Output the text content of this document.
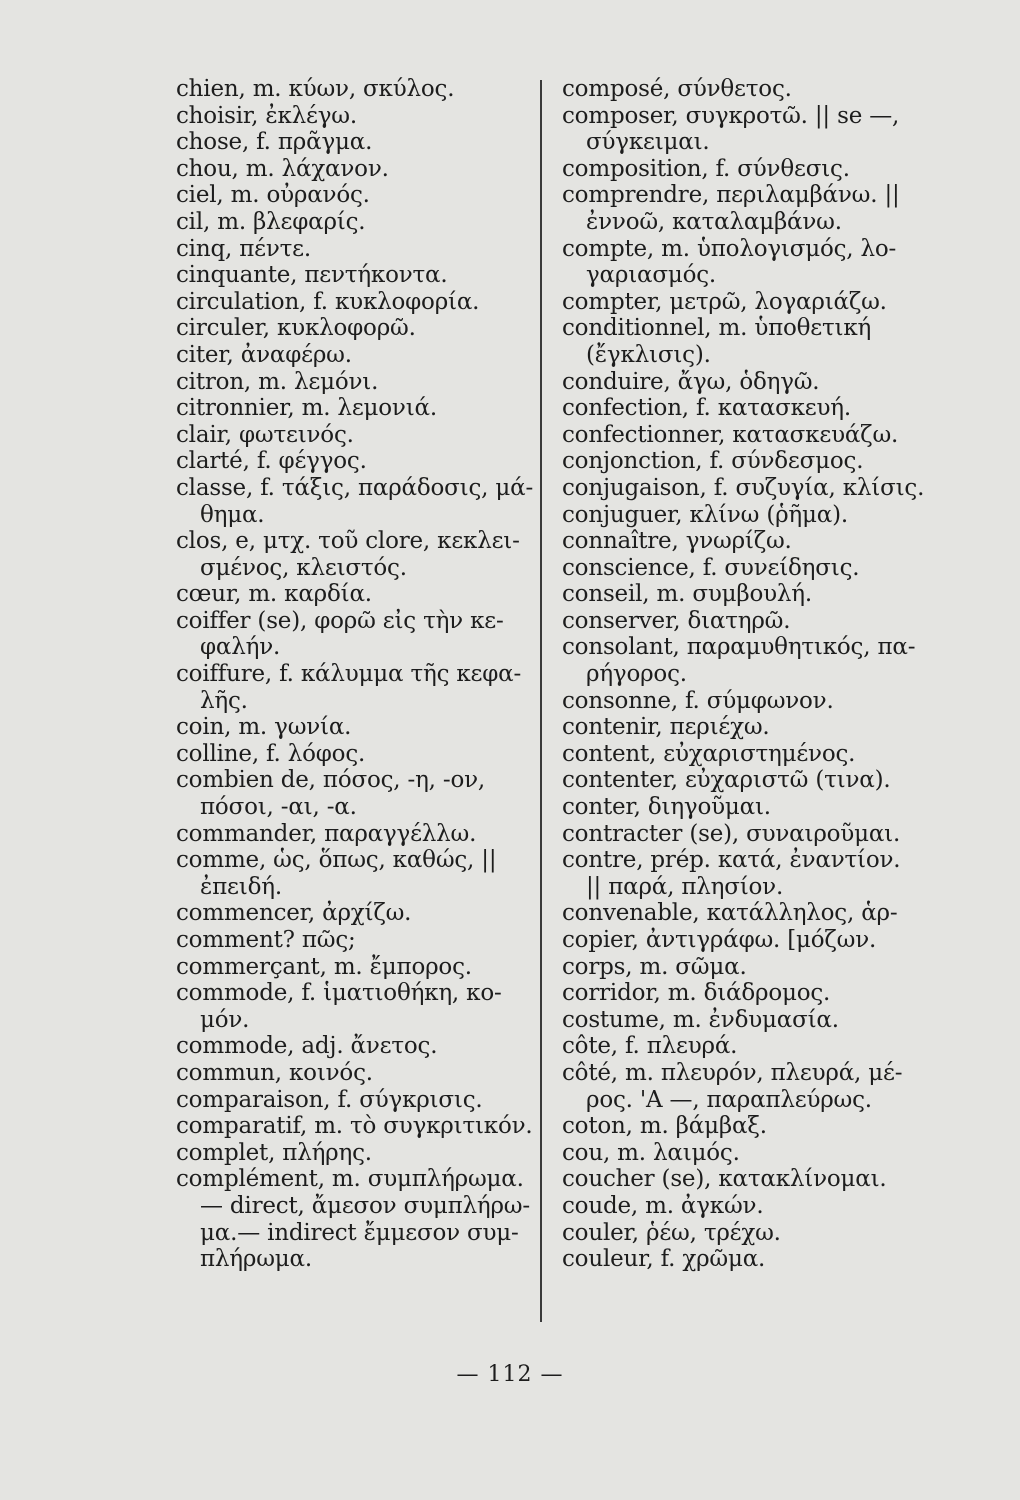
chien, m. κύων, σκύλος.
choisir, ἐκλέγω.
chose, f. πρᾶγμα.
chou, m. λάχανον.
ciel, m. οὐρανός.
cil, m. βλεφαρίς.
cinq, πέντε.
cinquante, πεντήκοντα.
circulation, f. κυκλοφορία.
circuler, κυκλοφορῶ.
citer, ἀναφέρω.
citron, m. λεμόνι.
citronnier, m. λεμονιά.
clair, φωτεινός.
clarté, f. φέγγος.
classe, f. τάξις, παράδοσις, μά-
θημα.
clos, e, μτχ. τοῦ clore, κεκλει-
σμένος, κλειστός.
cœur, m. καρδία.
coiffer (se), φορῶ εἰς τὴν κε-
φαλήν.
coiffure, f. κάλυμμα τῆς κεφα-
λῆς.
coin, m. γωνία.
colline, f. λόφος.
combien de, πόσος, -η, -ον,
πόσοι, -αι, -α.
commander, παραγγέλλω.
comme, ὡς, ὅπως, καθώς, ||
ἐπειδή.
commencer, ἀρχίζω.
comment? πῶς;
commerçant, m. ἔμπορος.
commode, f. ἱματιοθήκη, κο-
μόν.
commode, adj. ἄνετος.
commun, κοινός.
comparaison, f. σύγκρισις.
comparatif, m. τὸ συγκριτικόν.
complet, πλήρης.
complément, m. συμπλήρωμα.
— direct, ἄμεσον συμπλήρω-
μα.— indirect ἔμμεσον συμ-
πλήρωμα.
composé, σύνθετος.
composer, συγκροτῶ. || se —,
σύγκειμαι.
composition, f. σύνθεσις.
comprendre, περιλαμβάνω. ||
ἐννοῶ, καταλαμβάνω.
compte, m. ὑπολογισμός, λο-
γαριασμός.
compter, μετρῶ, λογαριάζω.
conditionnel, m. ὑποθετική
(ἔγκλισις).
conduire, ἄγω, ὁδηγῶ.
confection, f. κατασκευή.
confectionner, κατασκευάζω.
conjonction, f. σύνδεσμος.
conjugaison, f. συζυγία, κλίσις.
conjuguer, κλίνω (ῥῆμα).
connaître, γνωρίζω.
conscience, f. συνείδησις.
conseil, m. συμβουλή.
conserver, διατηρῶ.
consolant, παραμυθητικός, πα-
ρήγορος.
consonne, f. σύμφωνον.
contenir, περιέχω.
content, εὐχαριστημένος.
contenter, εὐχαριστῶ (τινα).
conter, διηγοῦμαι.
contracter (se), συναιροῦμαι.
contre, prép. κατά, ἐναντίον.
|| παρά, πλησίον.
convenable, κατάλληλος, ἁρ-
copier, ἀντιγράφω. [μόζων.
corps, m. σῶμα.
corridor, m. διάδρομος.
costume, m. ἐνδυμασία.
côte, f. πλευρά.
côté, m. πλευρόν, πλευρά, μέ-
ρος. 'A —, παραπλεύρως.
coton, m. βάμβαξ.
cou, m. λαιμός.
coucher (se), κατακλίνομαι.
coude, m. ἀγκών.
couler, ῥέω, τρέχω.
couleur, f. χρῶμα.
— 112 —
